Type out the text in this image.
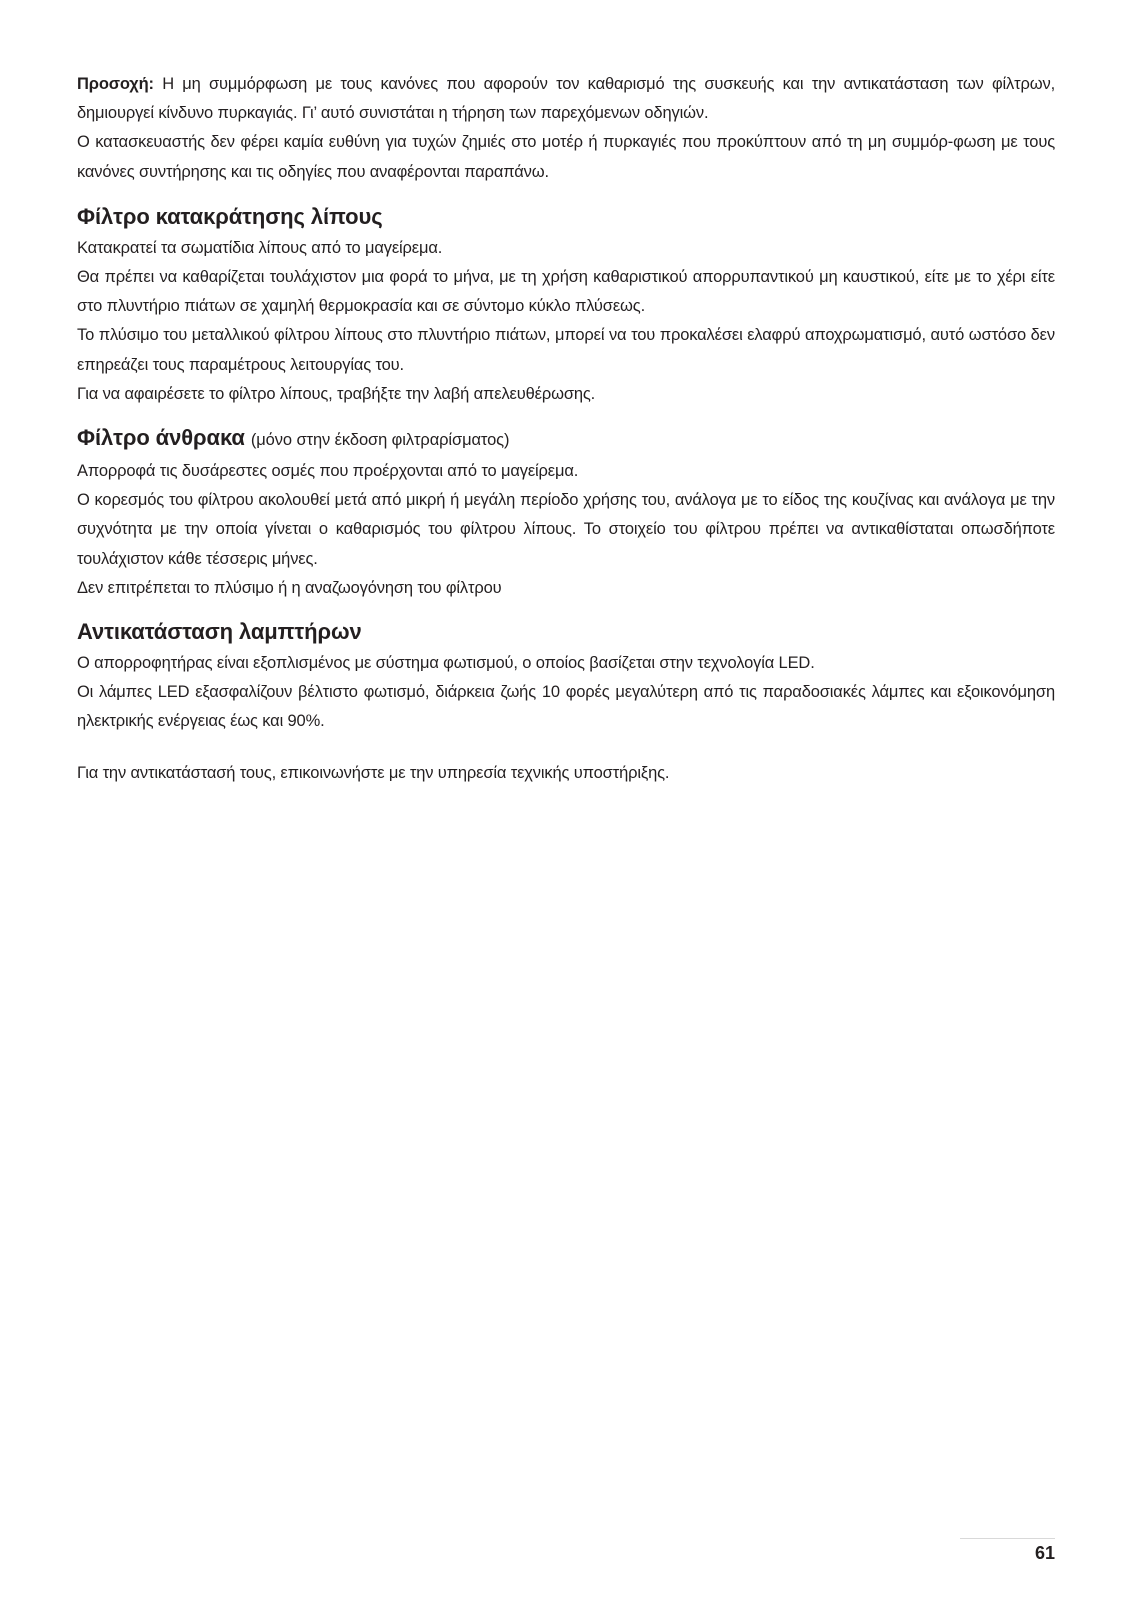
Προσοχή: Η μη συμμόρφωση με τους κανόνες που αφορούν τον καθαρισμό της συσκευής και την αντικατάσταση των φίλτρων, δημιουργεί κίνδυνο πυρκαγιάς. Γι’ αυτό συνιστάται η τήρηση των παρεχόμενων οδηγιών.

Ο κατασκευαστής δεν φέρει καμία ευθύνη για τυχών ζημιές στο μοτέρ ή πυρκαγιές που προκύπτουν από τη μη συμμόρ-φωση με τους κανόνες συντήρησης και τις οδηγίες που αναφέρονται παραπάνω.

Φίλτρο κατακράτησης λίπους

Κατακρατεί τα σωματίδια λίπους από το μαγείρεμα.

Θα πρέπει να καθαρίζεται τουλάχιστον μια φορά το μήνα, με τη χρήση καθαριστικού απορρυπαντικού μη καυστικού, είτε με το χέρι είτε στο πλυντήριο πιάτων σε χαμηλή θερμοκρασία και σε σύντομο κύκλο πλύσεως.

Το πλύσιμο του μεταλλικού φίλτρου λίπους στο πλυντήριο πιάτων, μπορεί να του προκαλέσει ελαφρύ αποχρωματισμό, αυτό ωστόσο δεν επηρεάζει τους παραμέτρους λειτουργίας του.

Για να αφαιρέσετε το φίλτρο λίπους, τραβήξτε την λαβή απελευθέρωσης.

Φίλτρο άνθρακα (μόνο στην έκδοση φιλτραρίσματος)

Απορροφά τις δυσάρεστες οσμές που προέρχονται από το μαγείρεμα.

Ο κορεσμός του φίλτρου ακολουθεί μετά από μικρή ή μεγάλη περίοδο χρήσης του, ανάλογα με το είδος της κουζίνας και ανάλογα με την συχνότητα με την οποία γίνεται ο καθαρισμός του φίλτρου λίπους. Το στοιχείο του φίλτρου πρέπει να αντικαθίσταται οπωσδήποτε τουλάχιστον κάθε τέσσερις μήνες.

Δεν επιτρέπεται το πλύσιμο ή η αναζωογόνηση του φίλτρου

Αντικατάσταση λαμπτήρων

Ο απορροφητήρας είναι εξοπλισμένος με σύστημα φωτισμού, ο οποίος βασίζεται στην τεχνολογία LED.

Οι λάμπες LED εξασφαλίζουν βέλτιστο φωτισμό, διάρκεια ζωής 10 φορές μεγαλύτερη από τις παραδοσιακές λάμπες και εξοικονόμηση ηλεκτρικής ενέργειας έως και 90%.

Για την αντικατάστασή τους, επικοινωνήστε με την υπηρεσία τεχνικής υποστήριξης.

61
